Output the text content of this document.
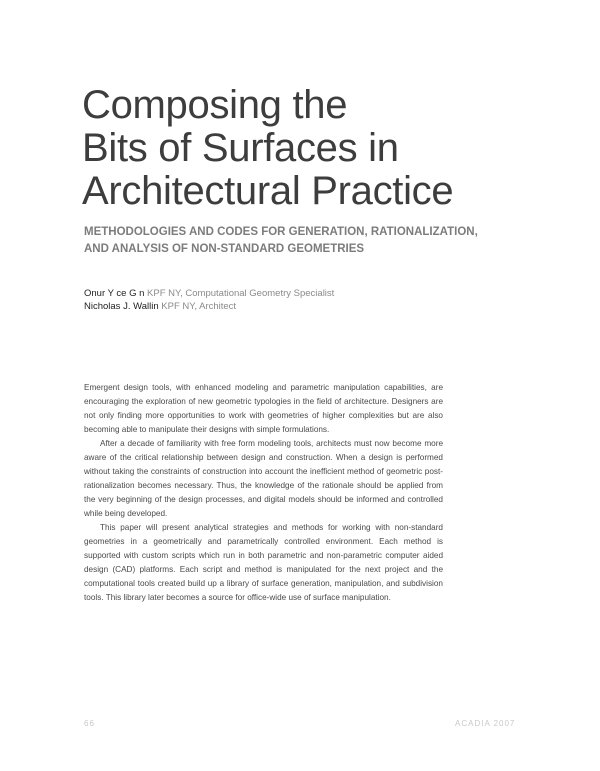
Composing the
Bits of Surfaces in
Architectural Practice
METHODOLOGIES AND CODES FOR GENERATION, RATIONALIZATION,
AND ANALYSIS OF NON-STANDARD GEOMETRIES
Onur Y ce G n KPF NY, Computational Geometry Specialist
Nicholas J. Wallin KPF NY, Architect

Emergent design tools, with enhanced modeling and parametric manipulation capabilities, are encouraging the exploration of new geometric typologies in the field of architecture. Designers are not only finding more opportunities to work with geometries of higher complexities but are also becoming able to manipulate their designs with simple formulations.

After a decade of familiarity with free form modeling tools, architects must now become more aware of the critical relationship between design and construction. When a design is performed without taking the constraints of construction into account the inefficient method of geometric post-rationalization becomes necessary. Thus, the knowledge of the rationale should be applied from the very beginning of the design processes, and digital models should be informed and controlled while being developed.

This paper will present analytical strategies and methods for working with non-standard geometries in a geometrically and parametrically controlled environment. Each method is supported with custom scripts which run in both parametric and non-parametric computer aided design (CAD) platforms. Each script and method is manipulated for the next project and the computational tools created build up a library of surface generation, manipulation, and subdivision tools. This library later becomes a source for office-wide use of surface manipulation.

66	ACADIA 2007
